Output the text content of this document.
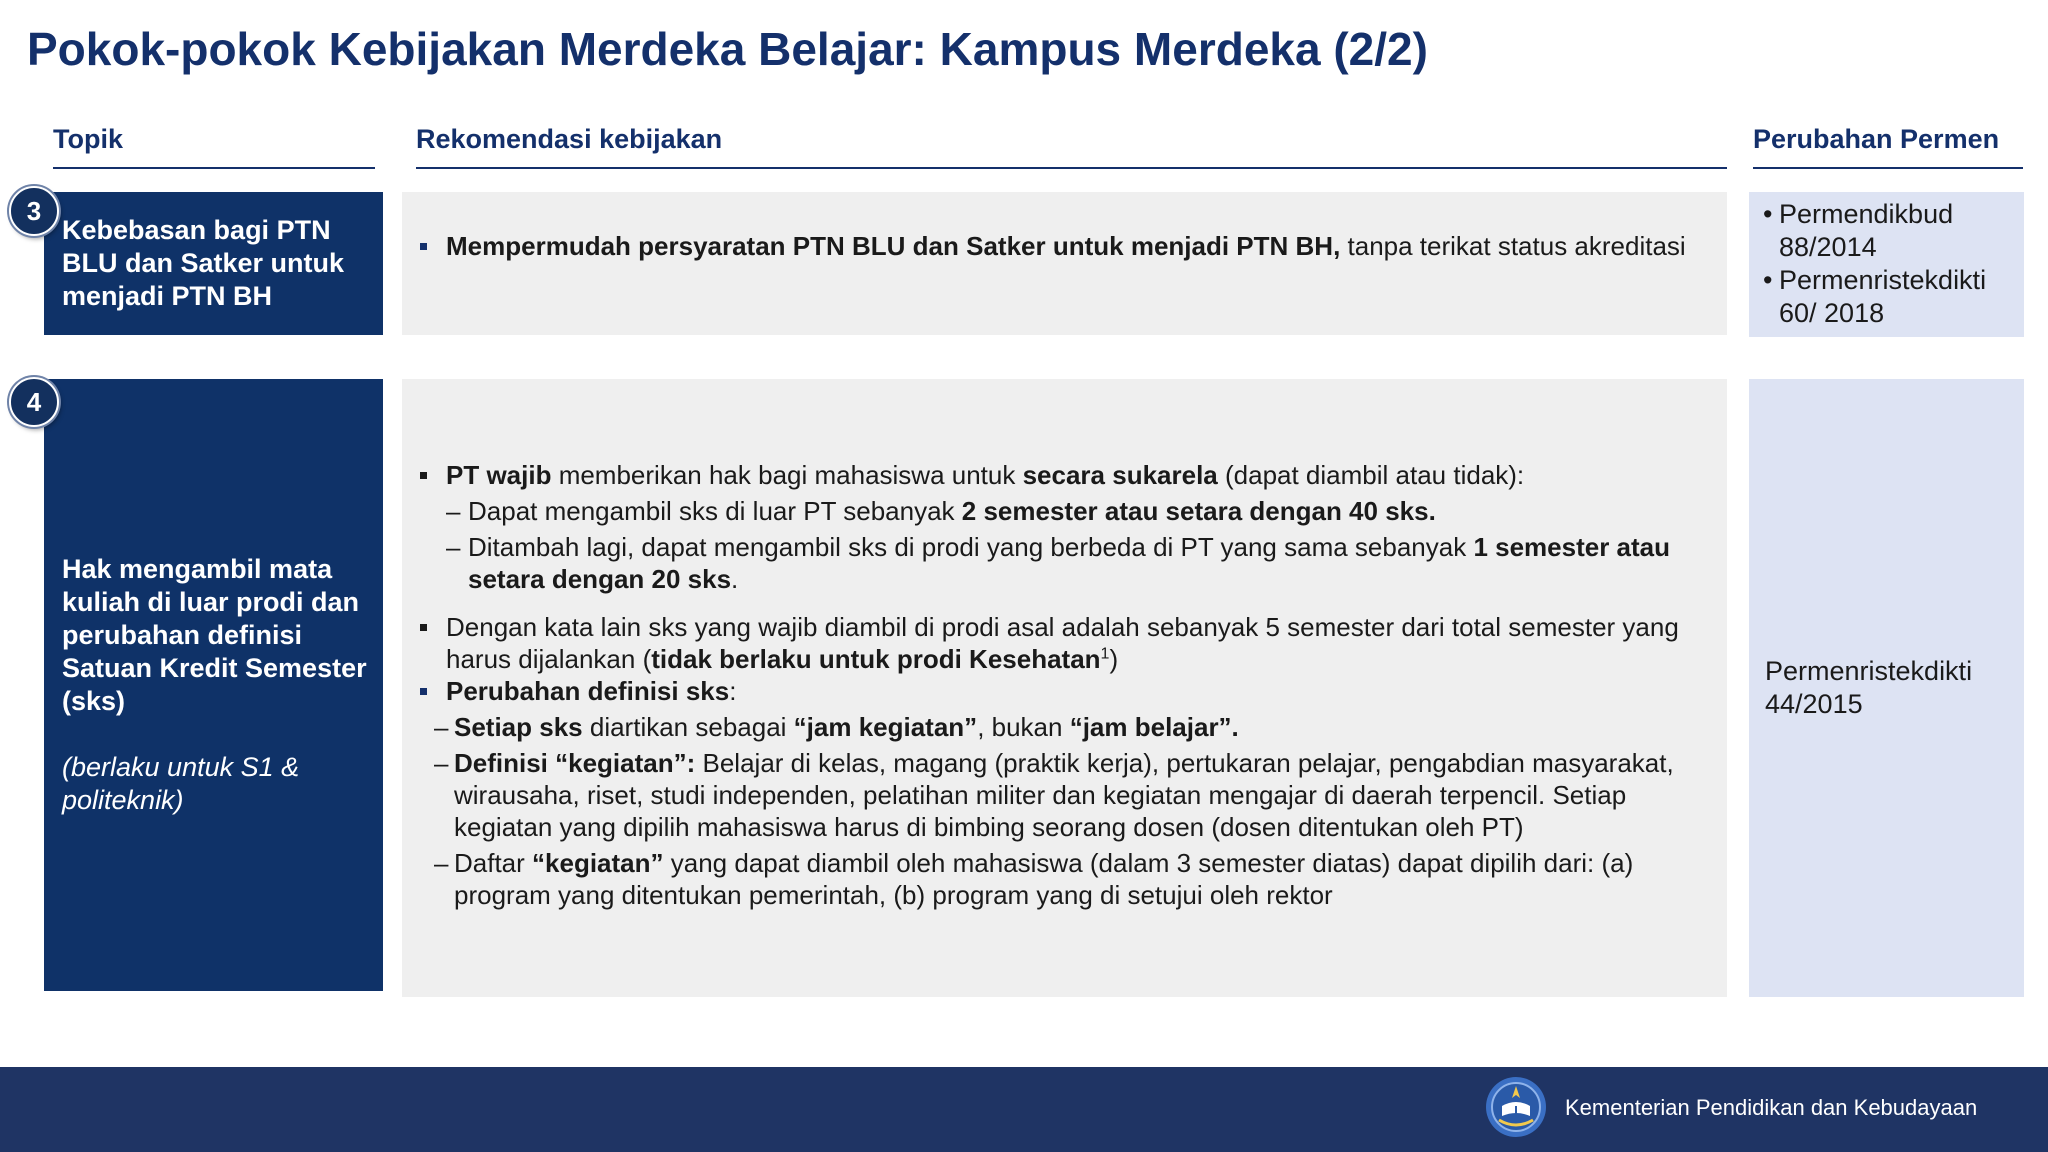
Pokok-pokok Kebijakan Merdeka Belajar: Kampus Merdeka (2/2)
Topik	Rekomendasi kebijakan	Perubahan Permen
Kebebasan bagi PTN BLU dan Satker untuk menjadi PTN BH
3
Mempermudah persyaratan PTN BLU dan Satker untuk menjadi PTN BH, tanpa terikat status akreditasi
• Permendikbud 88/2014
• Permenristekdikti 60/ 2018
Hak mengambil mata kuliah di luar prodi dan perubahan definisi Satuan Kredit Semester (sks)
(berlaku untuk S1 & politeknik)
4
PT wajib memberikan hak bagi mahasiswa untuk secara sukarela (dapat diambil atau tidak):
– Dapat mengambil sks di luar PT sebanyak 2 semester atau setara dengan 40 sks.
– Ditambah lagi, dapat mengambil sks di prodi yang berbeda di PT yang sama sebanyak 1 semester atau setara dengan 20 sks.
Dengan kata lain sks yang wajib diambil di prodi asal adalah sebanyak 5 semester dari total semester yang harus dijalankan (tidak berlaku untuk prodi Kesehatan$^1$)
Perubahan definisi sks:
– Setiap sks diartikan sebagai “jam kegiatan”, bukan “jam belajar”.
– Definisi “kegiatan”: Belajar di kelas, magang (praktik kerja), pertukaran pelajar, pengabdian masyarakat, wirausaha, riset, studi independen, pelatihan militer dan kegiatan mengajar di daerah terpencil. Setiap kegiatan yang dipilih mahasiswa harus di bimbing seorang dosen (dosen ditentukan oleh PT)
– Daftar “kegiatan” yang dapat diambil oleh mahasiswa (dalam 3 semester diatas) dapat dipilih dari: (a) program yang ditentukan pemerintah, (b) program yang di setujui oleh rektor
Permenristekdikti 44/2015
Kementerian Pendidikan dan Kebudayaan
